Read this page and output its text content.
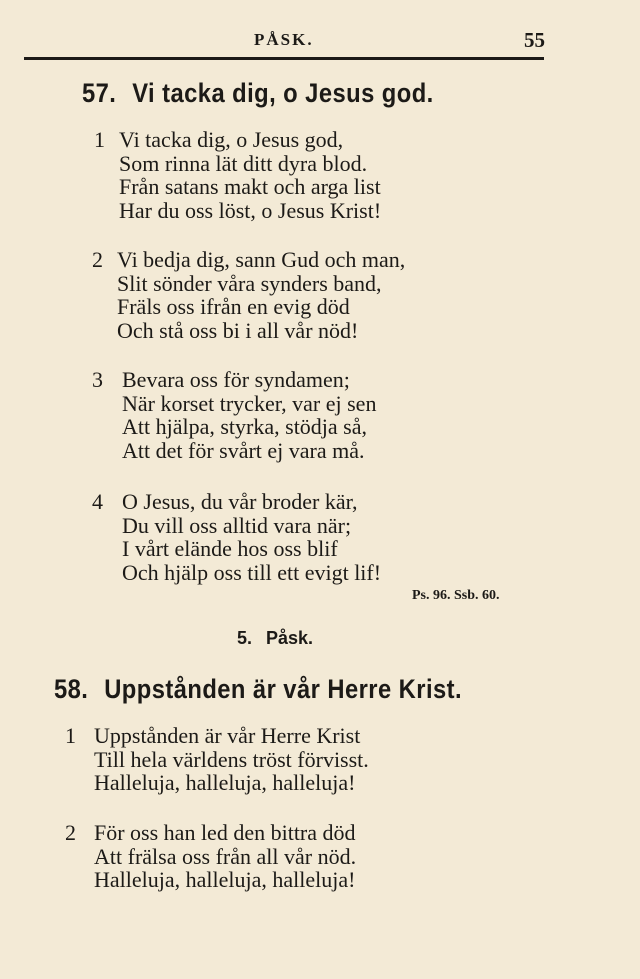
PÅSK.	55
57. Vi tacka dig, o Jesus god.
1 Vi tacka dig, o Jesus god,
Som rinna lät ditt dyra blod.
Från satans makt och arga list
Har du oss löst, o Jesus Krist!
2 Vi bedja dig, sann Gud och man,
Slit sönder våra synders band,
Fräls oss ifrån en evig död
Och stå oss bi i all vår nöd!
3 Bevara oss för syndamen;
När korset trycker, var ej sen
Att hjälpa, styrka, stödja så,
Att det för svårt ej vara må.
4 O Jesus, du vår broder kär,
Du vill oss alltid vara när;
I vårt elände hos oss blif
Och hjälp oss till ett evigt lif!
Ps. 96. Ssb. 60.
5. Påsk.
58. Uppstånden är vår Herre Krist.
1 Uppstånden är vår Herre Krist
Till hela världens tröst förvisst.
Halleluja, halleluja, halleluja!
2 För oss han led den bittra död
Att frälsa oss från all vår nöd.
Halleluja, halleluja, halleluja!
